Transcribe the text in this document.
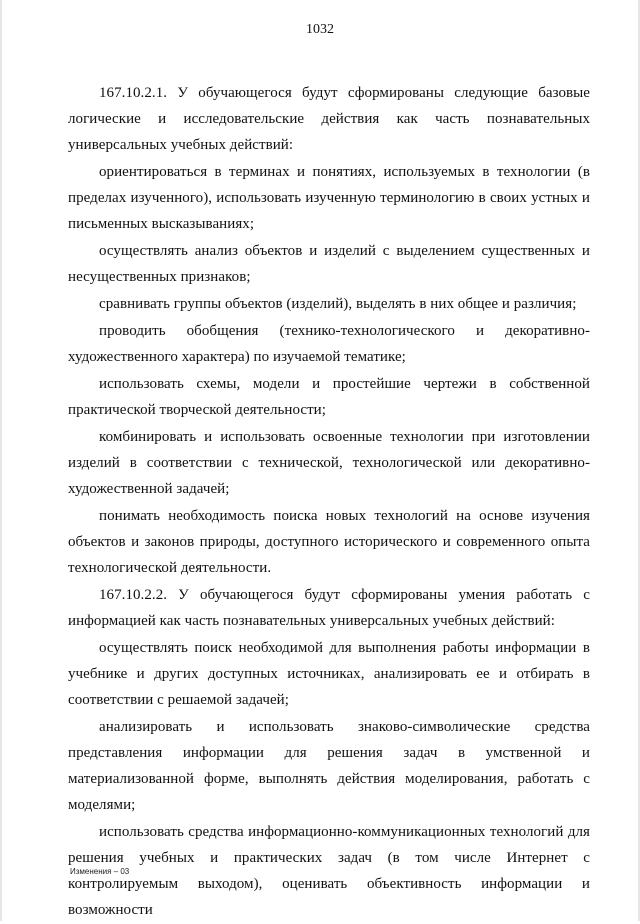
1032

167.10.2.1. У обучающегося будут сформированы следующие базовые логические и исследовательские действия как часть познавательных универсальных учебных действий:

ориентироваться в терминах и понятиях, используемых в технологии (в пределах изученного), использовать изученную терминологию в своих устных и письменных высказываниях;

осуществлять анализ объектов и изделий с выделением существенных и несущественных признаков;

сравнивать группы объектов (изделий), выделять в них общее и различия;

проводить обобщения (технико-технологического и декоративно-художественного характера) по изучаемой тематике;

использовать схемы, модели и простейшие чертежи в собственной практической творческой деятельности;

комбинировать и использовать освоенные технологии при изготовлении изделий в соответствии с технической, технологической или декоративно-художественной задачей;

понимать необходимость поиска новых технологий на основе изучения объектов и законов природы, доступного исторического и современного опыта технологической деятельности.

167.10.2.2. У обучающегося будут сформированы умения работать с информацией как часть познавательных универсальных учебных действий:

осуществлять поиск необходимой для выполнения работы информации в учебнике и других доступных источниках, анализировать ее и отбирать в соответствии с решаемой задачей;

анализировать и использовать знаково-символические средства представления информации для решения задач в умственной и материализованной форме, выполнять действия моделирования, работать с моделями;

использовать средства информационно-коммуникационных технологий для решения учебных и практических задач (в том числе Интернет с контролируемым выходом), оценивать объективность информации и возможности

Изменения – 03
